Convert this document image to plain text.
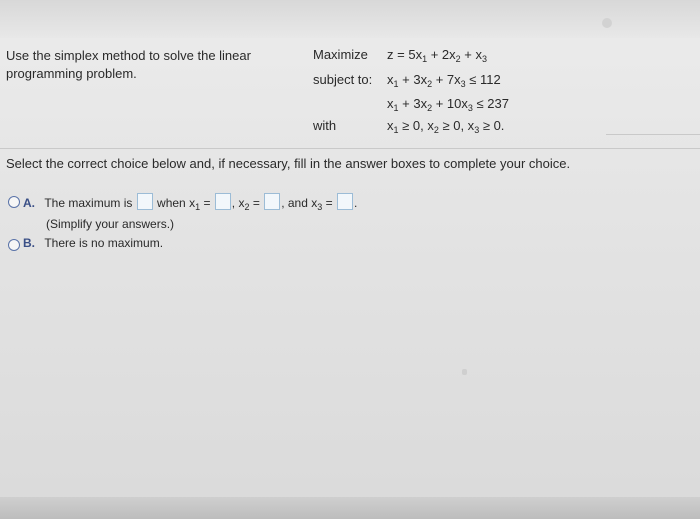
Use the simplex method to solve the linear programming problem.
Maximize $z = 5x_1 + 2x_2 + x_3$
subject to: $x_1 + 3x_2 + 7x_3 \le 112$
$x_1 + 3x_2 + 10x_3 \le 237$
with	$x_1 \ge 0$, $x_2 \ge 0$, $x_3 \ge 0$.
Select the correct choice below and, if necessary, fill in the answer boxes to complete your choice.
A. The maximum is when $x_1$ = , $x_2$ = , and $x_3$ = .
(Simplify your answers.)
B. There is no maximum.
